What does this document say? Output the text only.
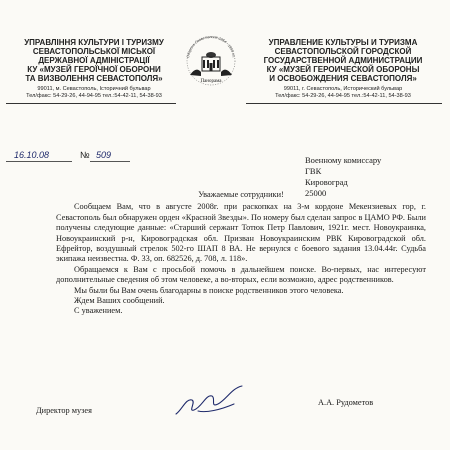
УПРАВЛІННЯ КУЛЬТУРИ І ТУРИЗМУ
СЕВАСТОПОЛЬСЬКОЇ МІСЬКОЇ
ДЕРЖАВНОЇ АДМІНІСТРАЦІЇ
КУ «МУЗЕЙ ГЕРОЇЧНОЇ ОБОРОНИ
ТА ВИЗВОЛЕННЯ СЕВАСТОПОЛЯ»
99011, м. Севастополь, Історичний бульвар
Тел/факс: 54-29-26, 44-94-95 тел.:54-42-11, 54-38-93
Оборона Севастополя 1854 - 1855 гг.
Панорама
УПРАВЛЕНИЕ КУЛЬТУРЫ И ТУРИЗМА
СЕВАСТОПОЛЬСКОЙ ГОРОДСКОЙ
ГОСУДАРСТВЕННОЙ АДМИНИСТРАЦИИ
КУ «МУЗЕЙ ГЕРОИЧЕСКОЙ ОБОРОНЫ
И ОСВОБОЖДЕНИЯ СЕВАСТОПОЛЯ»
99011, г. Севастополь, Исторический бульвар
Тел/факс: 54-29-26, 44-94-95 тел.:54-42-11, 54-38-93
16.10.08	№ 509	Военному комиссару
ГВК
Кировоград
25000
Уважаемые сотрудники!

Сообщаем Вам, что в августе 2008г. при раскопках на 3-м кордоне Мекензиевых гор, г. Севастополь был обнаружен орден «Красной Звезды». По номеру был сделан запрос в ЦАМО РФ. Были получены следующие данные: «Старший сержант Тотюк Петр Павлович, 1921г. мест. Новоукраинка, Новоукраинский р-н, Кировоградская обл. Призван Новоукраинским РВК Кировоградской обл. Ефрейтор, воздушный стрелок 502-го ШАП 8 ВА. Не вернулся с боевого задания 13.04.44г. Судьба экипажа неизвестна. Ф. 33, оп. 682526, д. 708, л. 118».

Обращаемся к Вам с просьбой помочь в дальнейшем поиске. Во-первых, нас интересуют дополнительные сведения об этом человеке, а во-вторых, если возможно, адрес родственников.

Мы были бы Вам очень благодарны в поиске родственников этого человека.

Ждем Ваших сообщений.

С уважением.

Директор музея
А.А. Рудометов
